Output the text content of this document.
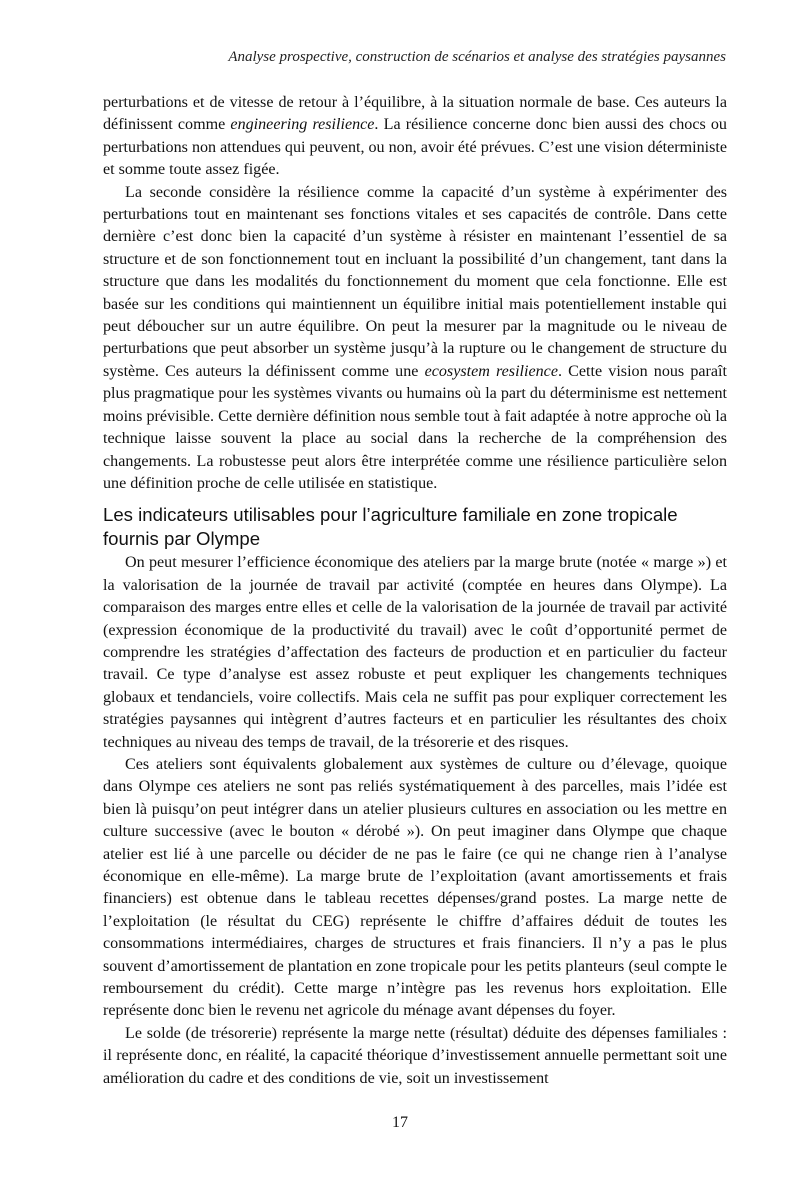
Analyse prospective, construction de scénarios et analyse des stratégies paysannes

perturbations et de vitesse de retour à l’équilibre, à la situation normale de base. Ces auteurs la définissent comme engineering resilience. La résilience concerne donc bien aussi des chocs ou perturbations non attendues qui peuvent, ou non, avoir été prévues. C’est une vision déterministe et somme toute assez figée.

La seconde considère la résilience comme la capacité d’un système à expérimenter des perturbations tout en maintenant ses fonctions vitales et ses capacités de contrôle. Dans cette dernière c’est donc bien la capacité d’un système à résister en maintenant l’essentiel de sa structure et de son fonctionnement tout en incluant la possibilité d’un changement, tant dans la structure que dans les modalités du fonctionnement du moment que cela fonctionne. Elle est basée sur les conditions qui maintiennent un équilibre initial mais potentiellement instable qui peut déboucher sur un autre équilibre. On peut la mesurer par la magnitude ou le niveau de perturbations que peut absorber un système jusqu’à la rupture ou le changement de structure du système. Ces auteurs la définissent comme une ecosystem resilience. Cette vision nous paraît plus pragmatique pour les systèmes vivants ou humains où la part du déterminisme est nettement moins prévisible. Cette dernière définition nous semble tout à fait adaptée à notre approche où la technique laisse souvent la place au social dans la recherche de la compréhension des changements. La robustesse peut alors être interprétée comme une résilience particulière selon une définition proche de celle utilisée en statistique.

Les indicateurs utilisables pour l’agriculture familiale en zone tropicale fournis par Olympe

On peut mesurer l’efficience économique des ateliers par la marge brute (notée « marge ») et la valorisation de la journée de travail par activité (comptée en heures dans Olympe). La comparaison des marges entre elles et celle de la valorisation de la journée de travail par activité (expression économique de la productivité du travail) avec le coût d’opportunité permet de comprendre les stratégies d’affectation des facteurs de production et en particulier du facteur travail. Ce type d’analyse est assez robuste et peut expliquer les changements techniques globaux et tendanciels, voire collectifs. Mais cela ne suffit pas pour expliquer correctement les stratégies paysannes qui intègrent d’autres facteurs et en particulier les résultantes des choix techniques au niveau des temps de travail, de la trésorerie et des risques.

Ces ateliers sont équivalents globalement aux systèmes de culture ou d’élevage, quoique dans Olympe ces ateliers ne sont pas reliés systématiquement à des parcelles, mais l’idée est bien là puisqu’on peut intégrer dans un atelier plusieurs cultures en association ou les mettre en culture successive (avec le bouton « dérobé »). On peut imaginer dans Olympe que chaque atelier est lié à une parcelle ou décider de ne pas le faire (ce qui ne change rien à l’analyse économique en elle-même). La marge brute de l’exploitation (avant amortissements et frais financiers) est obtenue dans le tableau recettes dépenses/grand postes. La marge nette de l’exploitation (le résultat du CEG) représente le chiffre d’affaires déduit de toutes les consommations intermédiaires, charges de structures et frais financiers. Il n’y a pas le plus souvent d’amortissement de plantation en zone tropicale pour les petits planteurs (seul compte le remboursement du crédit). Cette marge n’intègre pas les revenus hors exploitation. Elle représente donc bien le revenu net agricole du ménage avant dépenses du foyer.

Le solde (de trésorerie) représente la marge nette (résultat) déduite des dépenses familiales : il représente donc, en réalité, la capacité théorique d’investissement annuelle permettant soit une amélioration du cadre et des conditions de vie, soit un investissement

17
